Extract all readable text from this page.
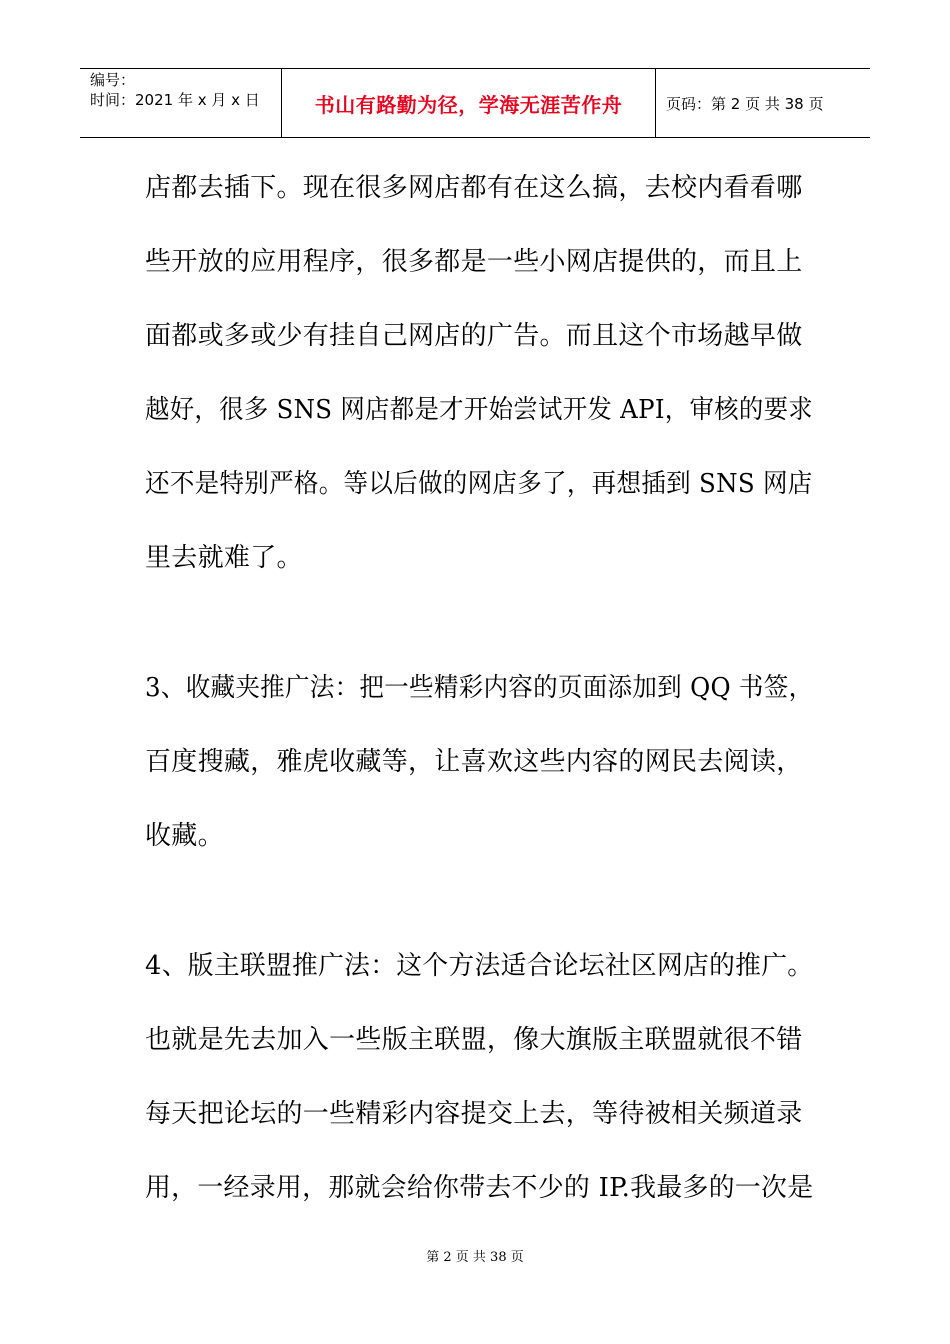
编号：
时间：2021 年 x 月 x 日	书山有路勤为径，学海无涯苦作舟	页码：第 2 页 共 38 页
店都去插下。现在很多网店都有在这么搞，去校内看看哪
些开放的应用程序，很多都是一些小网店提供的，而且上
面都或多或少有挂自己网店的广告。而且这个市场越早做
越好，很多 SNS 网店都是才开始尝试开发 API，审核的要求
还不是特别严格。等以后做的网店多了，再想插到 SNS 网店
里去就难了。
3、收藏夹推广法：把一些精彩内容的页面添加到 QQ 书签，
百度搜藏，雅虎收藏等，让喜欢这些内容的网民去阅读，
收藏。
4、版主联盟推广法：这个方法适合论坛社区网店的推广。
也就是先去加入一些版主联盟，像大旗版主联盟就很不错
每天把论坛的一些精彩内容提交上去，等待被相关频道录
用，一经录用，那就会给你带去不少的 IP.我最多的一次是
第 2 页 共 38 页
